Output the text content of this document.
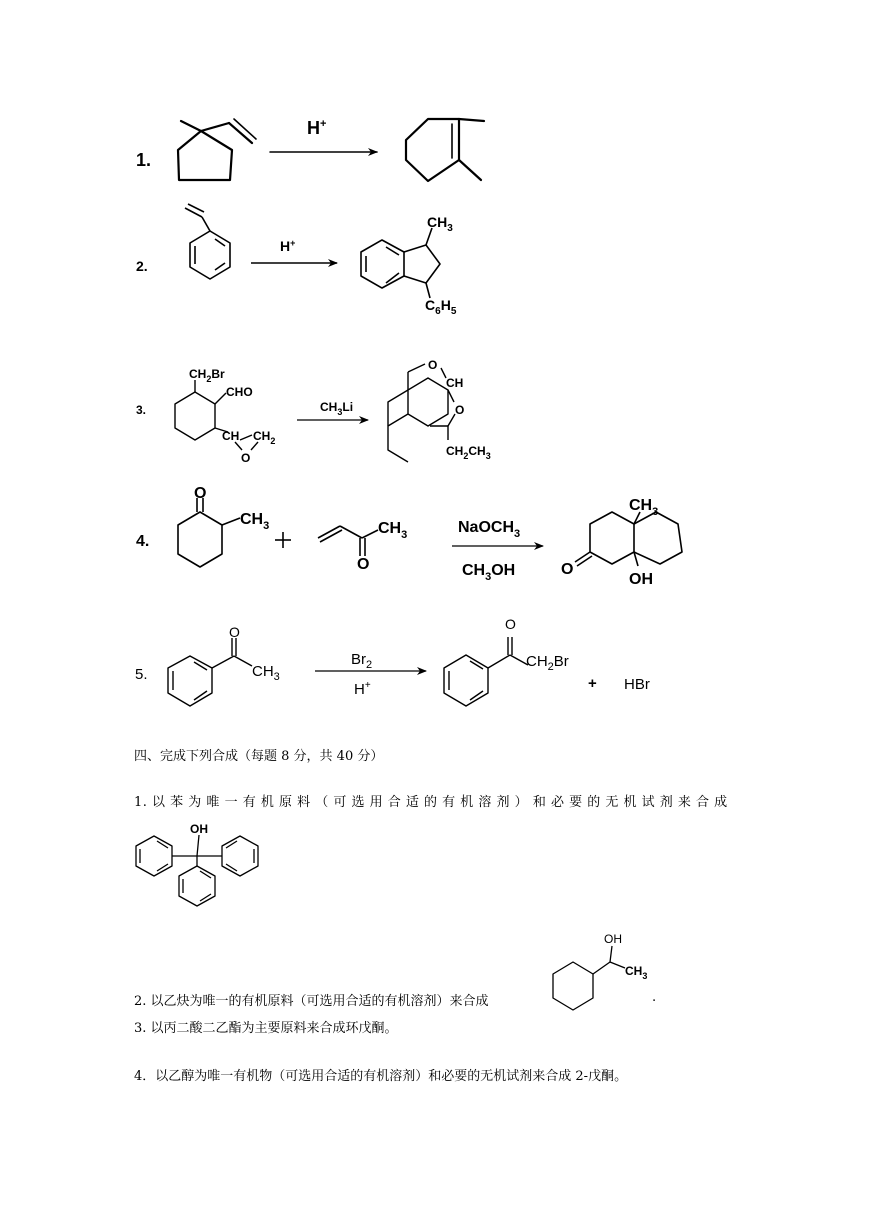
1.
H+
2.
H+
$CH_3$
$C_6H_5$
3.	$CH_3Li$
$CH_2Br$
CHO
CH $CH_2$
O
O
CH
O
$CH_2CH_3$
4.
O
$CH_3$
O
$CH_3$	NaOCH$_3$
$CH_3OH$
$CH_3$
O
OH
5.
O
$CH_3$
$Br_2$
H+
O
$CH_2Br$
+ HBr
OH
OH
$CH_3$
四、完成下列合成（每题 8 分，共 40 分）
1. 以 苯 为 唯 一 有 机 原 料 （ 可 选 用 合 适 的 有 机 溶 剂 ） 和 必 要 的 无 机 试 剂 来 合 成
2. 以乙炔为唯一的有机原料（可选用合适的有机溶剂）来合成	.
3. 以丙二酸二乙酯为主要原料来合成环戊酮。
4．以乙醇为唯一有机物（可选用合适的有机溶剂）和必要的无机试剂来合成 2-戊酮。
